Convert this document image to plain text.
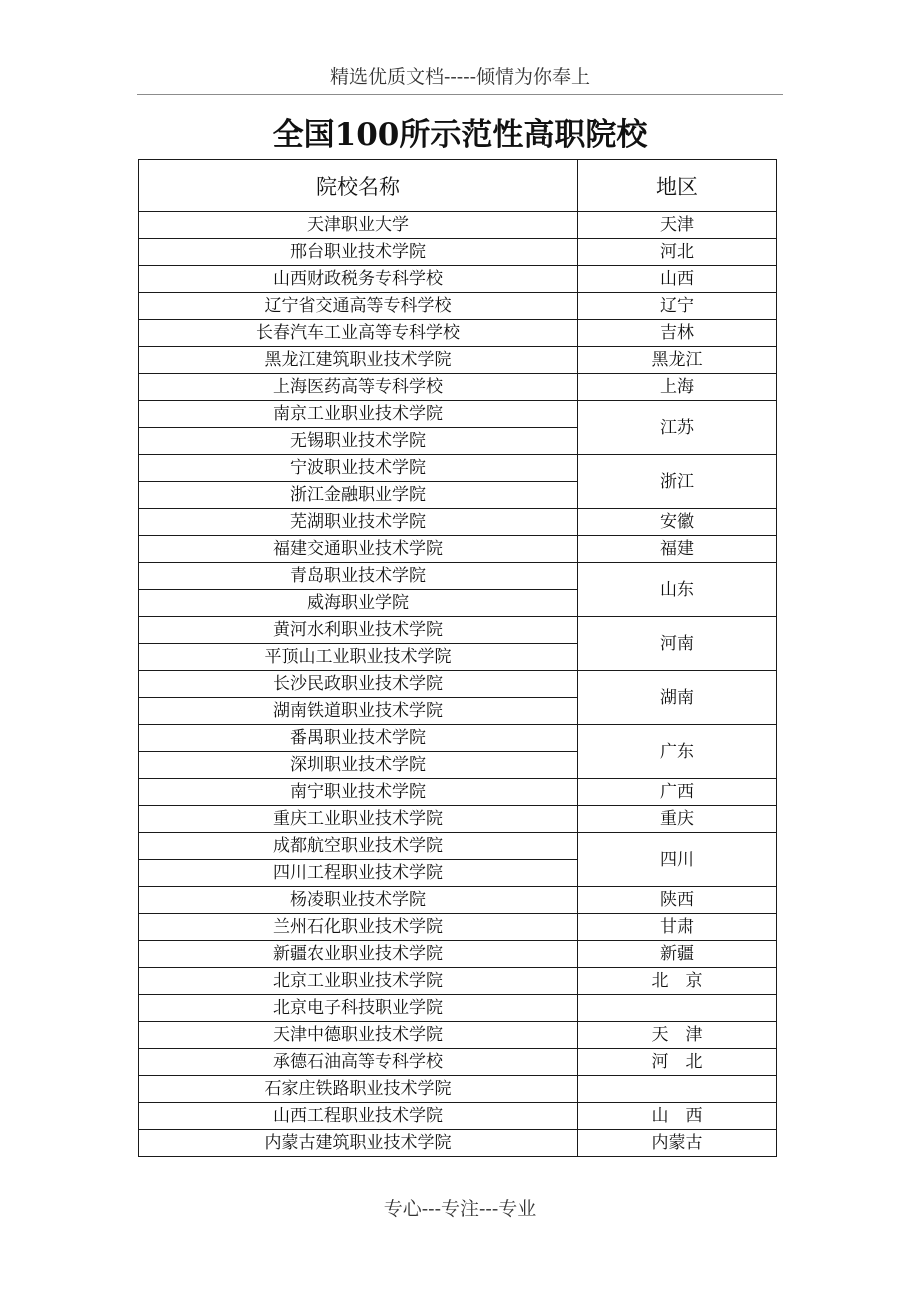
精选优质文档-----倾情为你奉上
全国100所示范性高职院校
院校名称	地区
天津职业大学	天津
邢台职业技术学院	河北
山西财政税务专科学校	山西
辽宁省交通高等专科学校	辽宁
长春汽车工业高等专科学校	吉林
黑龙江建筑职业技术学院	黑龙江
上海医药高等专科学校	上海
南京工业职业技术学院	江苏
无锡职业技术学院	
宁波职业技术学院	浙江
浙江金融职业学院	
芜湖职业技术学院	安徽
福建交通职业技术学院	福建
青岛职业技术学院	山东
威海职业学院	
黄河水利职业技术学院	河南
平顶山工业职业技术学院	
长沙民政职业技术学院	湖南
湖南铁道职业技术学院	
番禺职业技术学院	广东
深圳职业技术学院	
南宁职业技术学院	广西
重庆工业职业技术学院	重庆
成都航空职业技术学院	四川
四川工程职业技术学院	
杨凌职业技术学院	陕西
兰州石化职业技术学院	甘肃
新疆农业职业技术学院	新疆
北京工业职业技术学院	北　京
北京电子科技职业学院	
天津中德职业技术学院	天　津
承德石油高等专科学校	河　北
石家庄铁路职业技术学院	
山西工程职业技术学院	山　西
内蒙古建筑职业技术学院	内蒙古
专心---专注---专业
